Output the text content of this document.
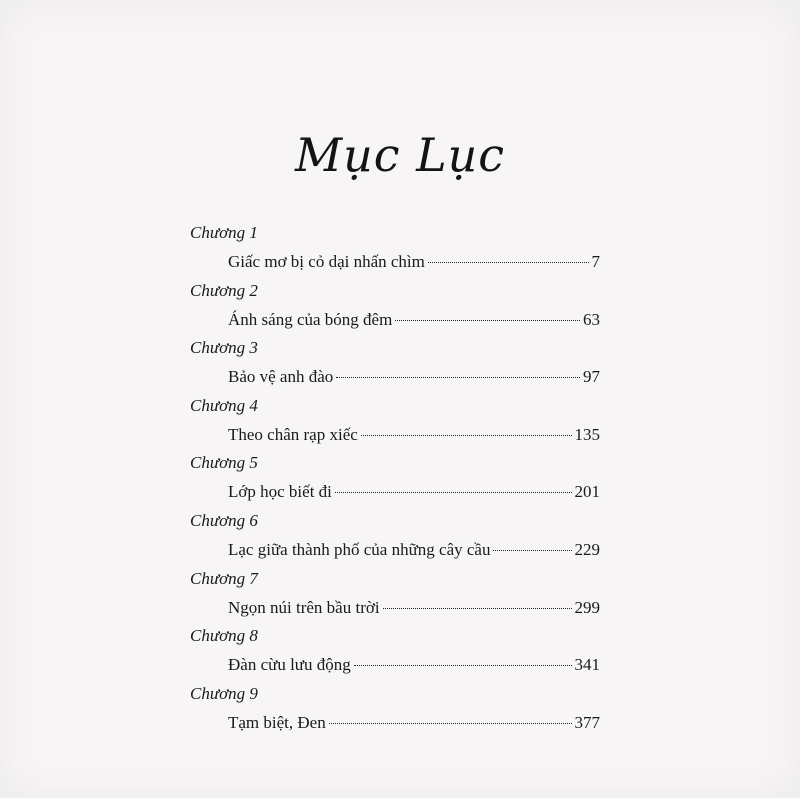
Mục Lục
Chương 1
Giấc mơ bị cỏ dại nhấn chìm	7
Chương 2
Ánh sáng của bóng đêm	63
Chương 3
Bảo vệ anh đào	97
Chương 4
Theo chân rạp xiếc	135
Chương 5
Lớp học biết đi	201
Chương 6
Lạc giữa thành phố của những cây cầu	229
Chương 7
Ngọn núi trên bầu trời	299
Chương 8
Đàn cừu lưu động	341
Chương 9
Tạm biệt, Đen	377
